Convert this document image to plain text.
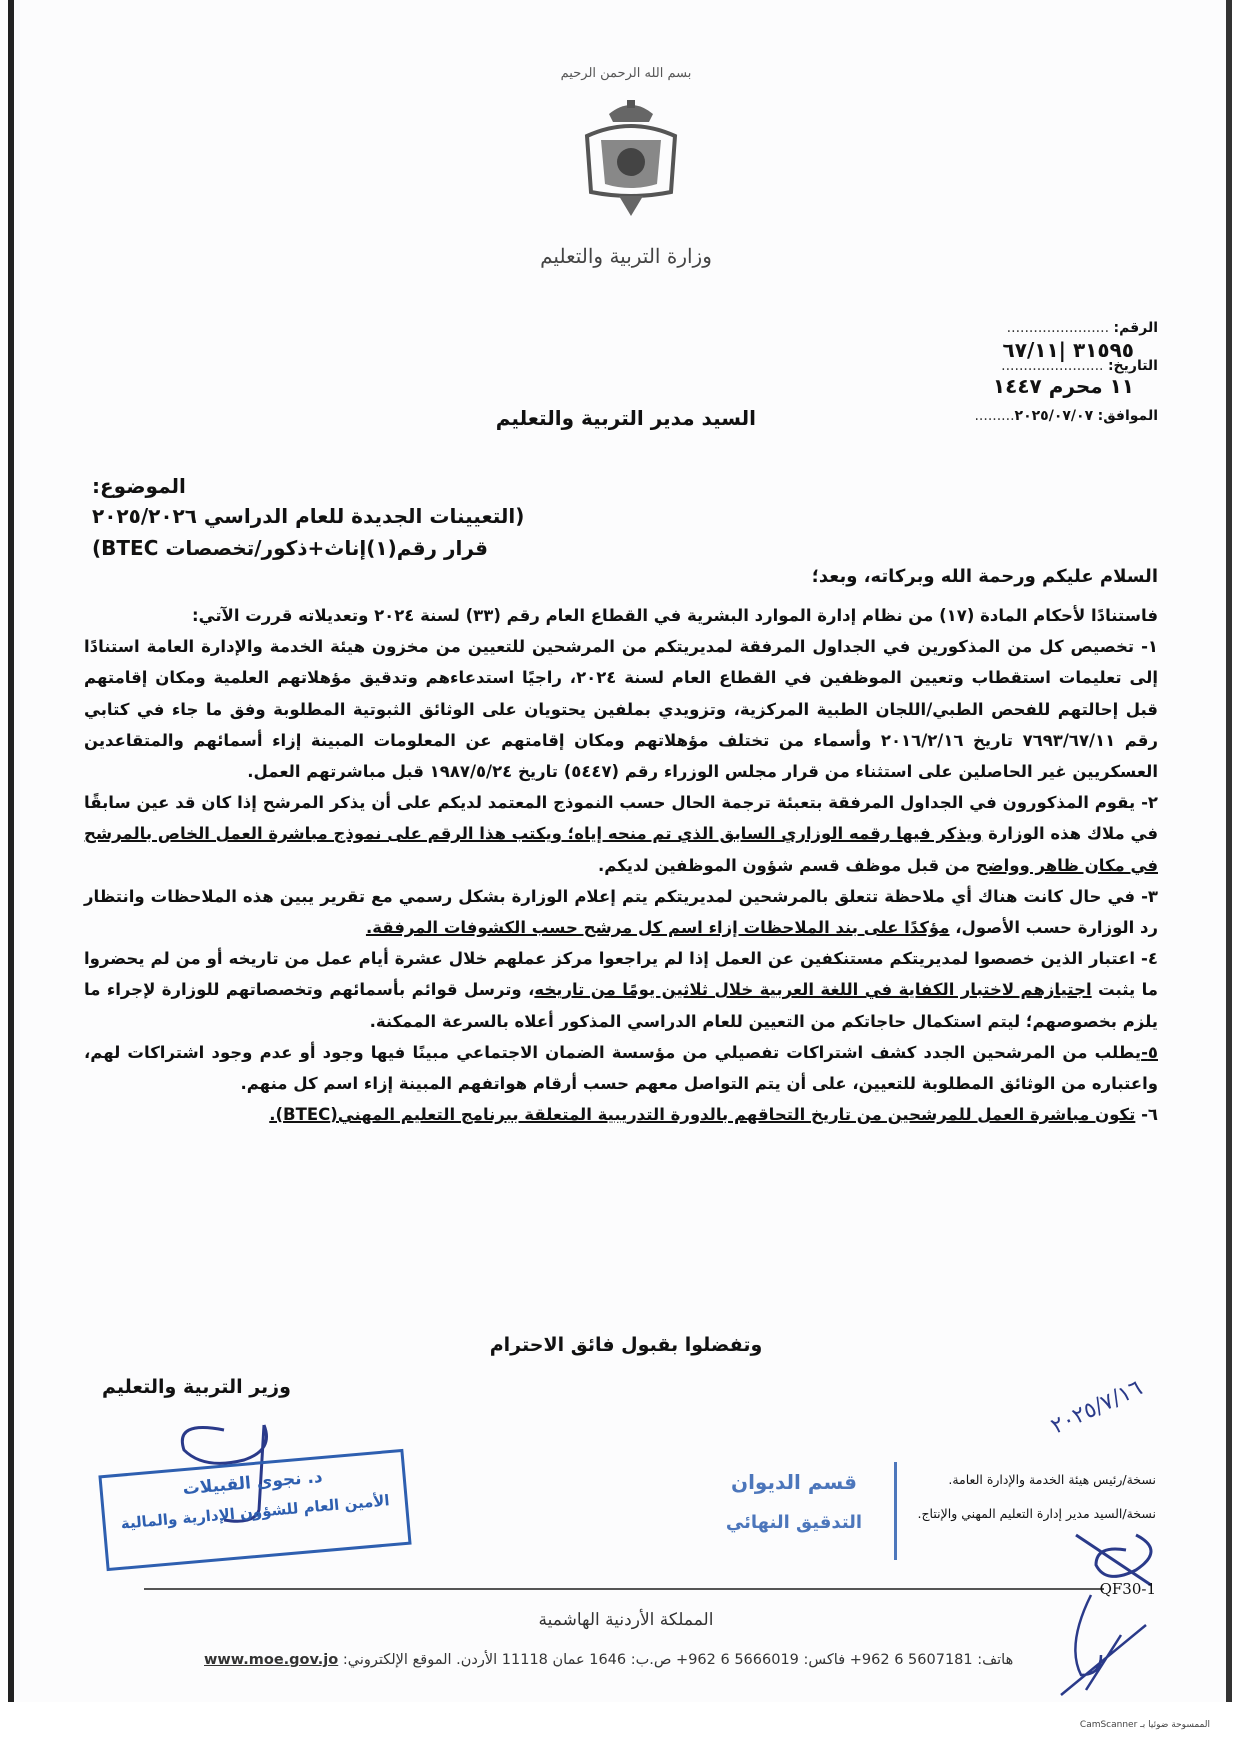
بسم الله الرحمن الرحيم
وزارة التربية والتعليم
الرقم: .......................
٣١٥٩٥ |٦٧/١١
التاريخ: .......................
١١ محرم ١٤٤٧
الموافق: ٢٠٢٥/٠٧/٠٧.........
السيد مدير التربية والتعليم
الموضوع:
(التعيينات الجديدة للعام الدراسي ٢٠٢٥/٢٠٢٦
قرار رقم(١)إناث+ذكور/تخصصات BTEC)
السلام عليكم ورحمة الله وبركاته، وبعد؛

فاستنادًا لأحكام المادة (١٧) من نظام إدارة الموارد البشرية في القطاع العام رقم (٣٣) لسنة ٢٠٢٤ وتعديلاته قررت الآتي:

١- تخصيص كل من المذكورين في الجداول المرفقة لمديريتكم من المرشحين للتعيين من مخزون هيئة الخدمة والإدارة العامة استنادًا إلى تعليمات استقطاب وتعيين الموظفين في القطاع العام لسنة ٢٠٢٤، راجيًا استدعاءهم وتدقيق مؤهلاتهم العلمية ومكان إقامتهم قبل إحالتهم للفحص الطبي/اللجان الطبية المركزية، وتزويدي بملفين يحتويان على الوثائق الثبوتية المطلوبة وفق ما جاء في كتابي رقم ٧٦٩٣/٦٧/١١ تاريخ ٢٠١٦/٢/١٦ وأسماء من تختلف مؤهلاتهم ومكان إقامتهم عن المعلومات المبينة إزاء أسمائهم والمتقاعدين العسكريين غير الحاصلين على استثناء من قرار مجلس الوزراء رقم (٥٤٤٧) تاريخ ١٩٨٧/٥/٢٤ قبل مباشرتهم العمل.

٢- يقوم المذكورون في الجداول المرفقة بتعبئة ترجمة الحال حسب النموذج المعتمد لديكم على أن يذكر المرشح إذا كان قد عين سابقًا في ملاك هذه الوزارة ويذكر فيها رقمه الوزاري السابق الذي تم منحه إياه؛ ويكتب هذا الرقم على نموذج مباشرة العمل الخاص بالمرشح في مكان ظاهر وواضح من قبل موظف قسم شؤون الموظفين لديكم.

٣- في حال كانت هناك أي ملاحظة تتعلق بالمرشحين لمديريتكم يتم إعلام الوزارة بشكل رسمي مع تقرير يبين هذه الملاحظات وانتظار رد الوزارة حسب الأصول، مؤكدًا على بند الملاحظات إزاء اسم كل مرشح حسب الكشوفات المرفقة.

٤- اعتبار الذين خصصوا لمديريتكم مستنكفين عن العمل إذا لم يراجعوا مركز عملهم خلال عشرة أيام عمل من تاريخه أو من لم يحضروا ما يثبت اجتيازهم لاختبار الكفاية في اللغة العربية خلال ثلاثين يومًا من تاريخه، وترسل قوائم بأسمائهم وتخصصاتهم للوزارة لإجراء ما يلزم بخصوصهم؛ ليتم استكمال حاجاتكم من التعيين للعام الدراسي المذكور أعلاه بالسرعة الممكنة.

٥-يطلب من المرشحين الجدد كشف اشتراكات تفصيلي من مؤسسة الضمان الاجتماعي مبينًا فيها وجود أو عدم وجود اشتراكات لهم، واعتباره من الوثائق المطلوبة للتعيين، على أن يتم التواصل معهم حسب أرقام هواتفهم المبينة إزاء اسم كل منهم.

٦- تكون مباشرة العمل للمرشحين من تاريخ التحاقهم بالدورة التدريبية المتعلقة ببرنامج التعليم المهني(BTEC).

وتفضلوا بقبول فائق الاحترام
وزير التربية والتعليم
د. نجوى القبيلات
الأمين العام للشؤون الإدارية والمالية
قسم الديوان
التدقيق النهائي
٢٠٢٥/٧/١٦
نسخة/رئيس هيئة الخدمة والإدارة العامة.
نسخة/السيد مدير إدارة التعليم المهني والإنتاج.
QF30-1
المملكة الأردنية الهاشمية
هاتف: 5607181 6 962+ فاكس: 5666019 6 962+ ص.ب: 1646 عمان 11118 الأردن. الموقع الإلكتروني: www.moe.gov.jo
الممسوحة ضوئيا بـ CamScanner
